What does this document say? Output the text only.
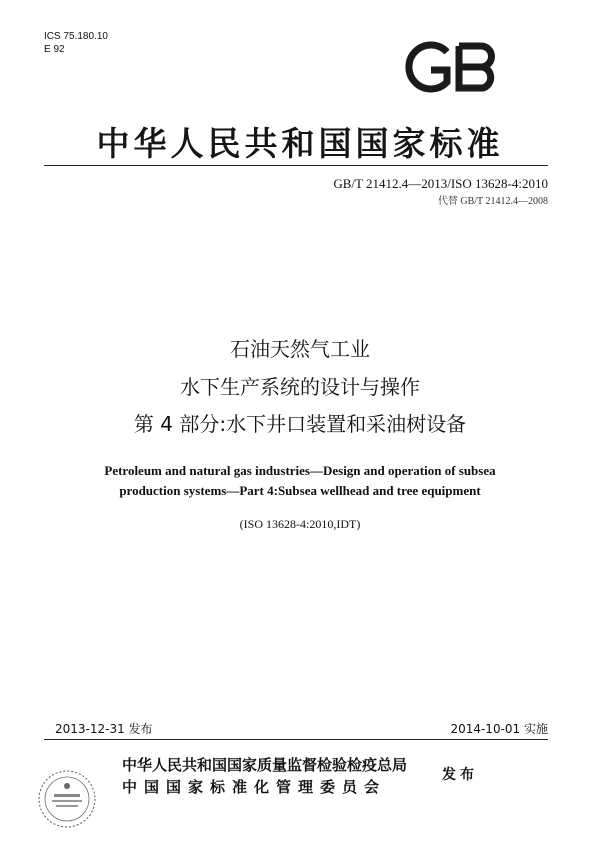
ICS 75.180.10
E 92
中华人民共和国国家标准
GB/T 21412.4—2013/ISO 13628-4:2010
代替 GB/T 21412.4—2008
石油天然气工业
水下生产系统的设计与操作
第 4 部分:水下井口装置和采油树设备
Petroleum and natural gas industries—Design and operation of subsea
production systems—Part 4:Subsea wellhead and tree equipment
(ISO 13628-4:2010,IDT)
2013-12-31 发布	2014-10-01 实施
中华人民共和国国家质量监督检验检疫总局
中国国家标准化管理委员会
发布
